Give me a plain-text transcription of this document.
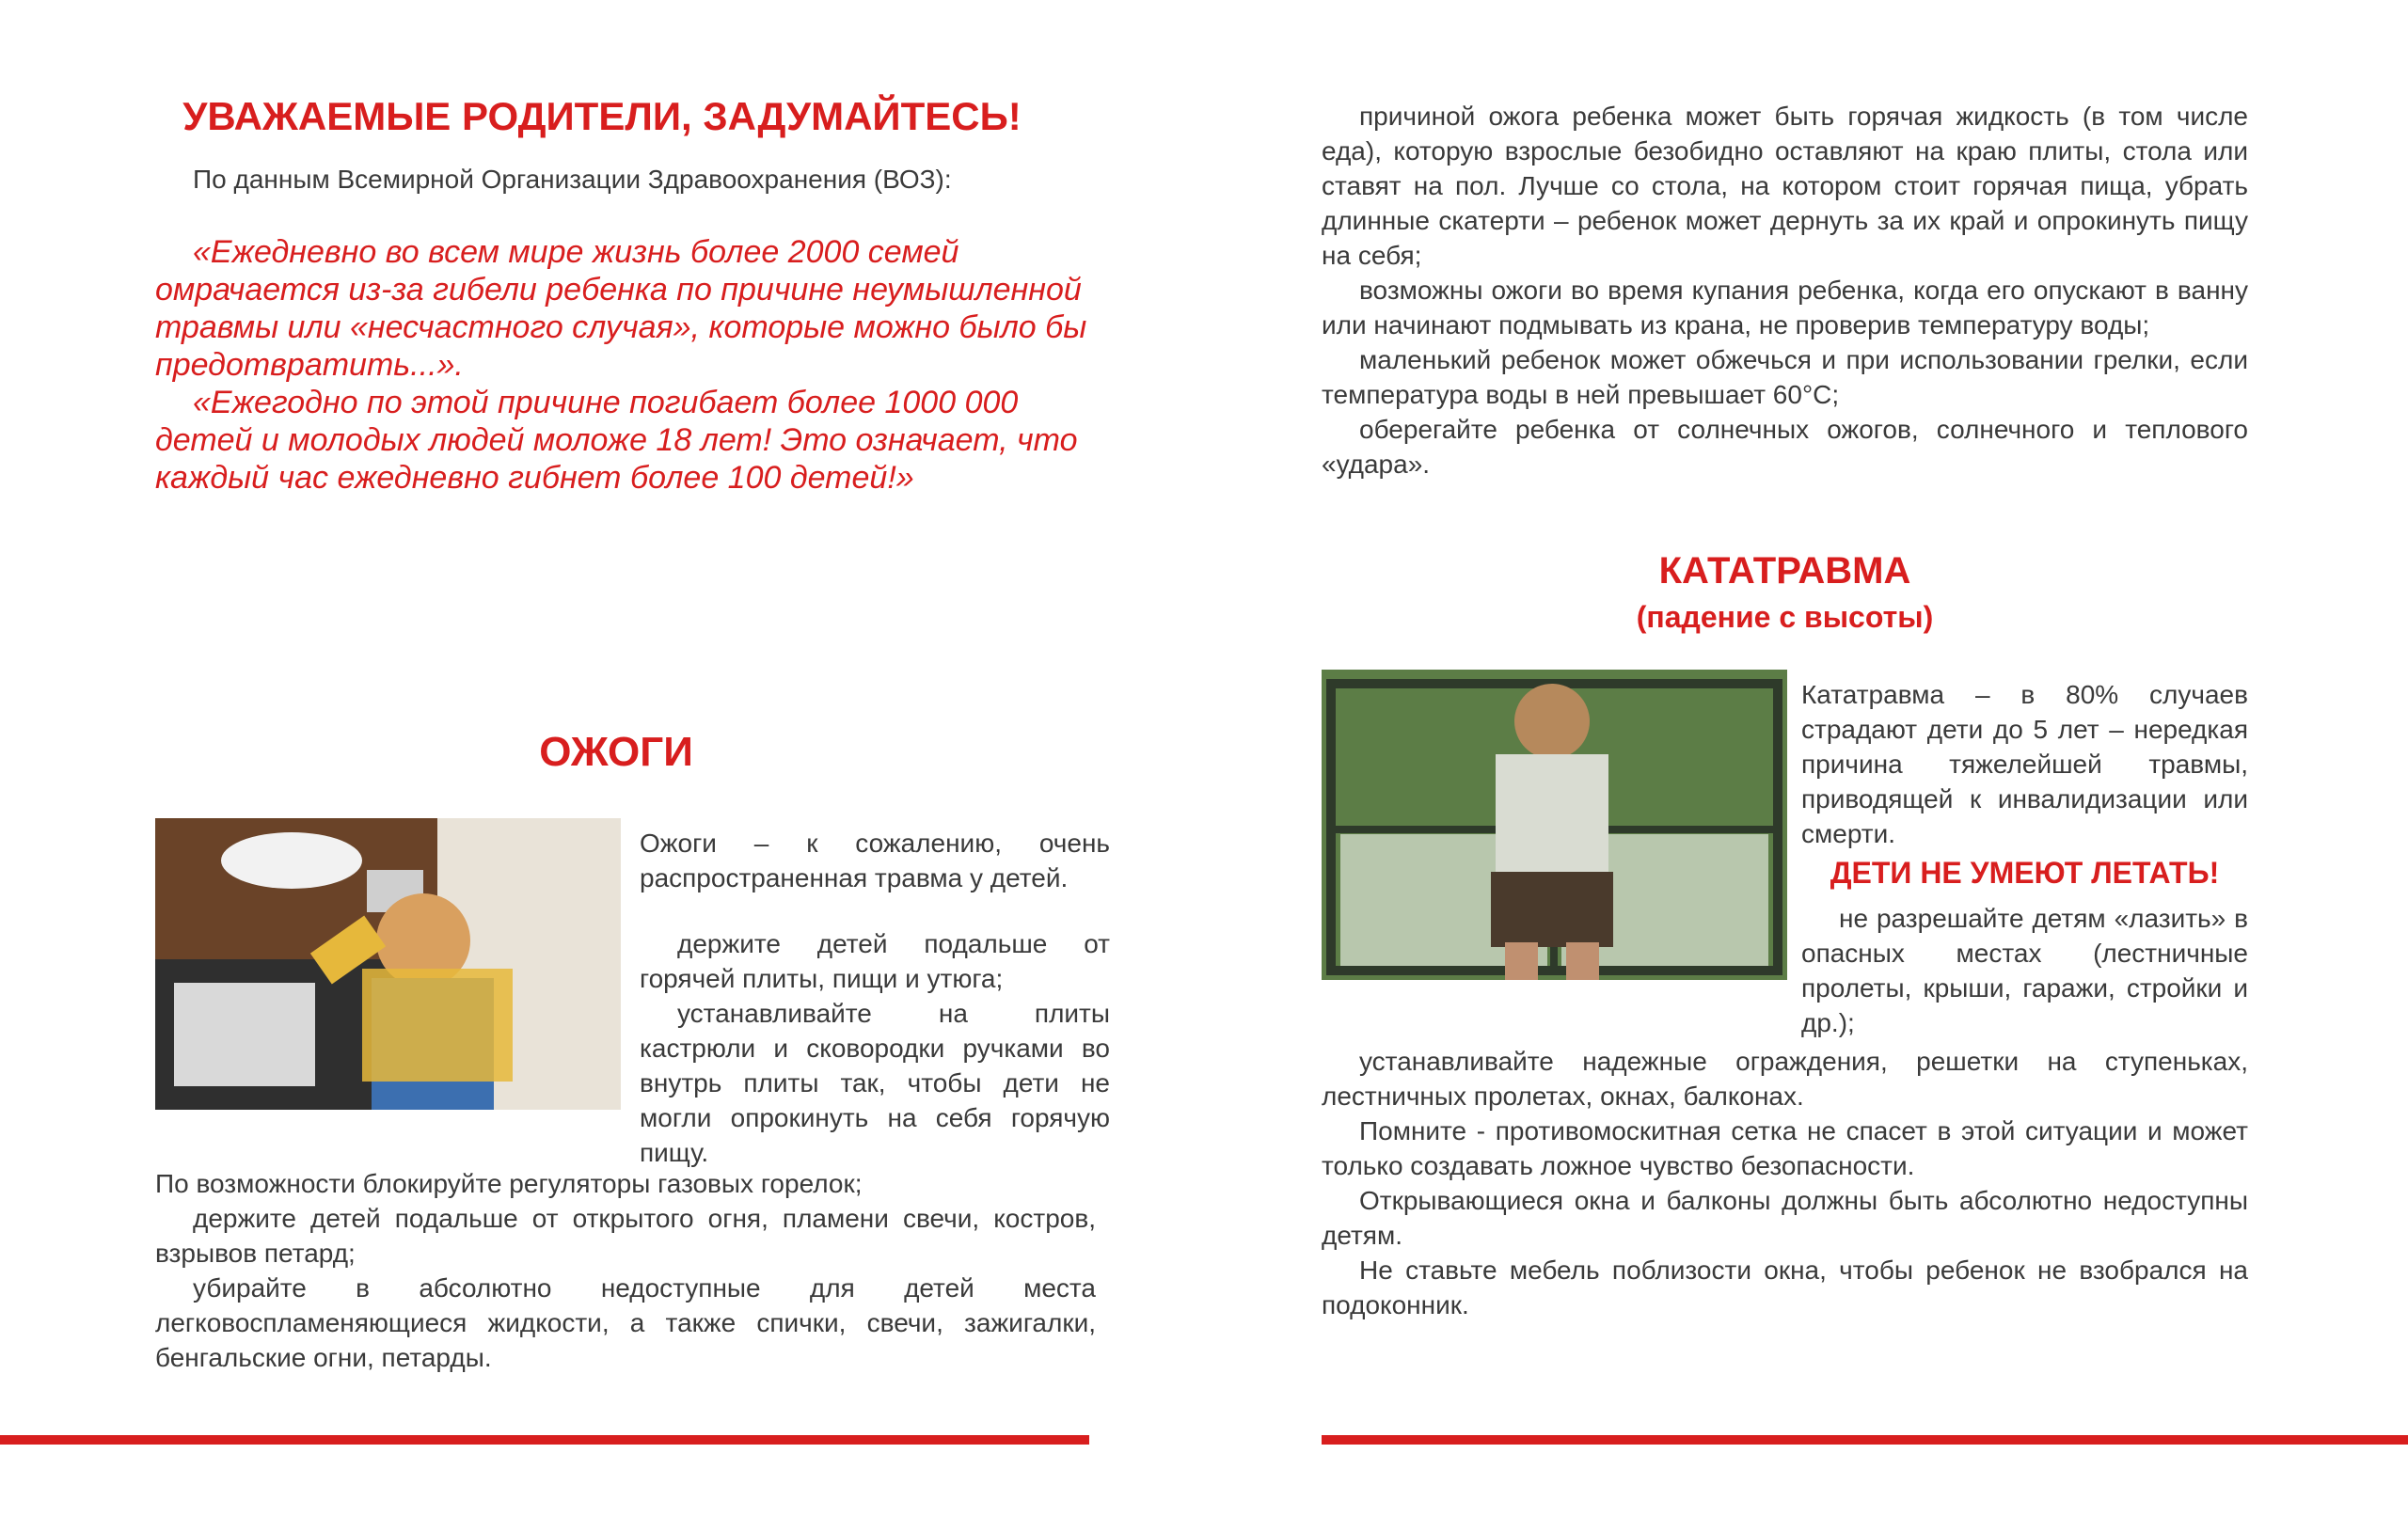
УВАЖАЕМЫЕ РОДИТЕЛИ, ЗАДУМАЙТЕСЬ!

По данным Всемирной Организации Здравоохранения (ВОЗ):

«Ежедневно во всем мире жизнь более 2000 семей омрачается из-за гибели ребенка по причине неумышленной травмы или «несчастного случая», которые можно было бы предотвратить...».

«Ежегодно по этой причине погибает более 1000 000 детей и молодых людей моложе 18 лет! Это означает, что каждый час ежедневно гибнет более 100 детей!»

ОЖОГИ

Ожоги – к сожалению, очень распространенная травма у детей.

держите детей подальше от горячей плиты, пищи и утюга;

устанавливайте на плиты кастрюли и сковородки ручками во внутрь плиты так, чтобы дети не могли опрокинуть на себя горячую пищу.

По возможности блокируйте регуляторы газовых горелок;

держите детей подальше от открытого огня, пламени свечи, костров, взрывов петард;

убирайте в абсолютно недоступные для детей места легковоспламеняющиеся жидкости, а также спички, свечи, зажигалки, бенгальские огни, петарды.

причиной ожога ребенка может быть горячая жидкость (в том числе еда), которую взрослые безобидно оставляют на краю плиты, стола или ставят на пол. Лучше со стола, на котором стоит горячая пища, убрать длинные скатерти – ребенок может дернуть за их край и опрокинуть пищу на себя;

возможны ожоги во время купания ребенка, когда его опускают в ванну или начинают подмывать из крана, не проверив температуру воды;

маленький ребенок может обжечься и при использовании грелки, если температура воды в ней превышает 60°С;

оберегайте ребенка от солнечных ожогов, солнечного и теплового «удара».

КАТАТРАВМА

(падение с высоты)

Кататравма – в 80% случаев страдают дети до 5 лет – нередкая причина тяжелейшей травмы, приводящей к инвалидизации или смерти.

ДЕТИ НЕ УМЕЮТ ЛЕТАТЬ!

не разрешайте детям «лазить» в опасных местах (лестничные пролеты, крыши, гаражи, стройки и др.);

устанавливайте надежные ограждения, решетки на ступеньках, лестничных пролетах, окнах, балконах.

Помните - противомоскитная сетка не спасет в этой ситуации и может только создавать ложное чувство безопасности.

Открывающиеся окна и балконы должны быть абсолютно недоступны детям.

Не ставьте мебель поблизости окна, чтобы ребенок не взобрался на подоконник.
